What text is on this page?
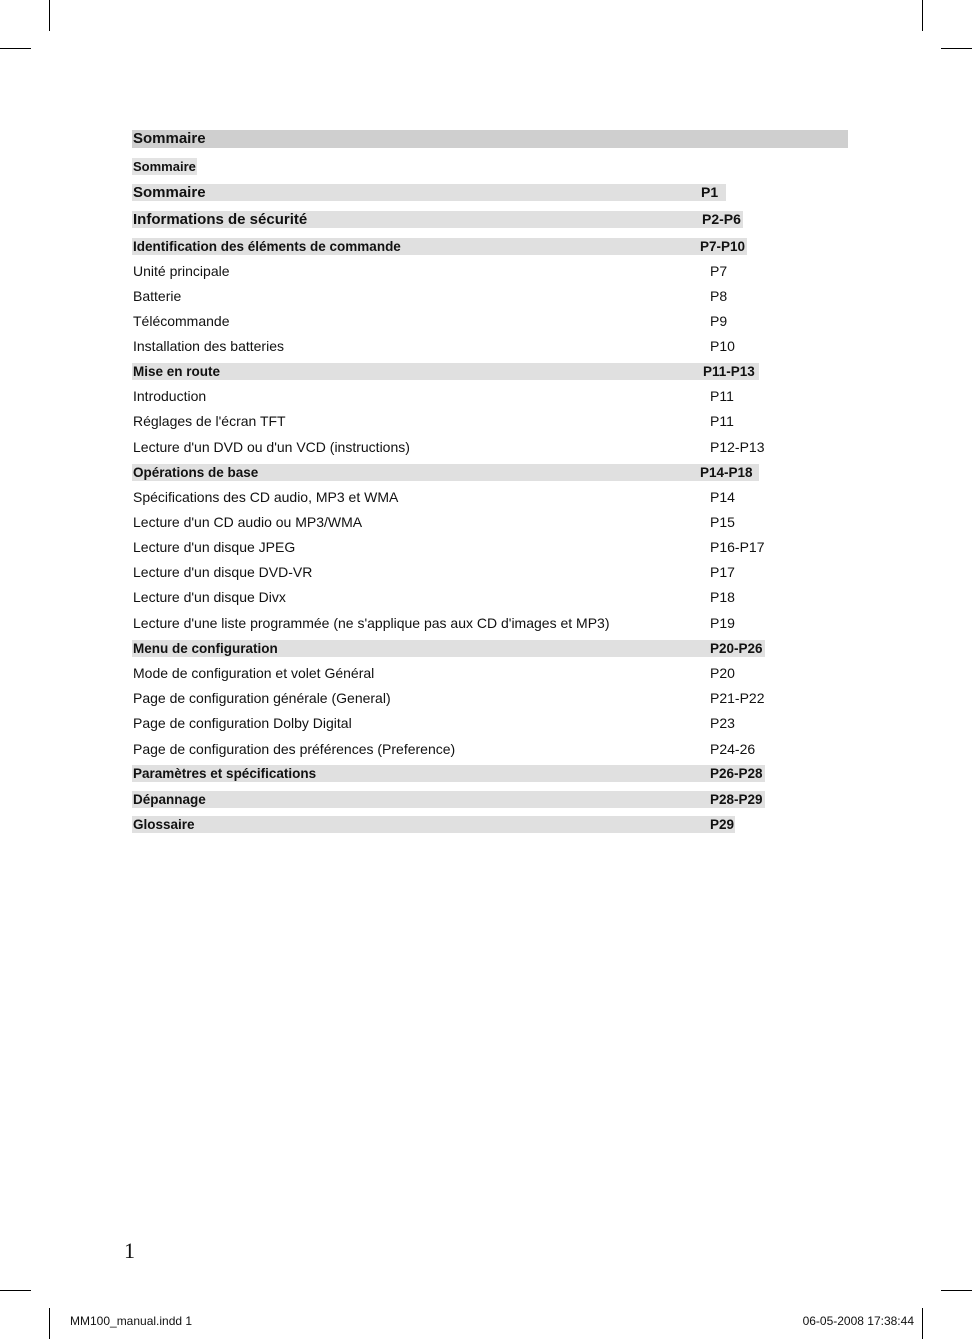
Sommaire
Sommaire
Sommaire	P1
Informations de sécurité	P2-P6
Identification des éléments de commande	P7-P10
Unité principale	P7
Batterie	P8
Télécommande	P9
Installation des batteries	P10
Mise en route	P11-P13
Introduction	P11
Réglages de l'écran TFT	P11
Lecture d'un DVD ou d'un VCD (instructions)	P12-P13
Opérations de base	P14-P18
Spécifications des CD audio, MP3 et WMA	P14
Lecture d'un CD audio ou MP3/WMA	P15
Lecture d'un disque JPEG	P16-P17
Lecture d'un disque DVD-VR	P17
Lecture d'un disque Divx	P18
Lecture d'une liste programmée (ne s'applique pas aux CD d'images et MP3)	P19
Menu de configuration	P20-P26
Mode de configuration et volet Général	P20
Page de configuration générale (General)	P21-P22
Page de configuration Dolby Digital	P23
Page de configuration des préférences (Preference)	P24-26
Paramètres et spécifications	P26-P28
Dépannage	P28-P29
Glossaire	P29
1
MM100_manual.indd 1	06-05-2008 17:38:44
